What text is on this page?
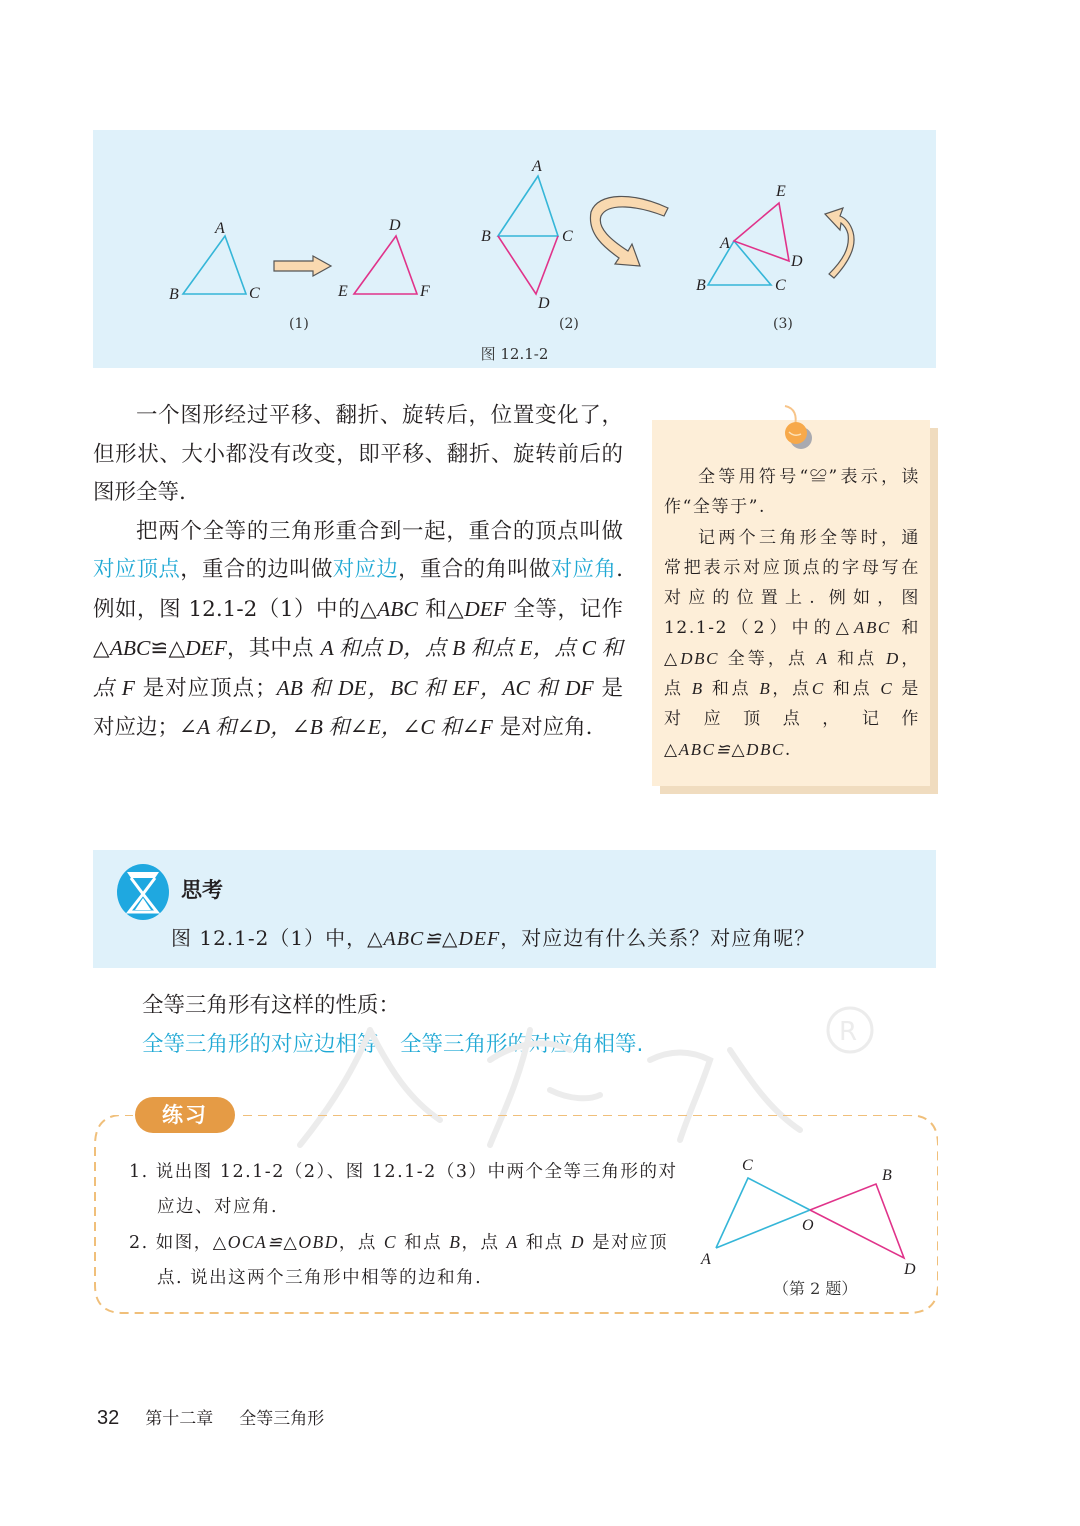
A
B	C
D
E	F
A
B	C
D
E
A
D
B	C
(1)	(2)	(3)
图 12.1-2

一个图形经过平移、翻折、旋转后，位置变化了，但形状、大小都没有改变，即平移、翻折、旋转前后的图形全等.

把两个全等的三角形重合到一起，重合的顶点叫做对应顶点，重合的边叫做对应边，重合的角叫做对应角. 例如，图 12.1-2（1）中的△ABC 和△DEF 全等，记作△ABC≌△DEF，其中点 A 和点 D，点 B 和点 E，点 C 和点 F 是对应顶点；AB 和 DE，BC 和 EF，AC 和 DF 是对应边；∠A 和∠D，∠B 和∠E，∠C 和∠F 是对应角.

全等用符号“≌”表示，读作“全等于”.

记两个三角形全等时，通常把表示对应顶点的字母写在对应的位置上. 例如，图 12.1-2（2）中的△ABC 和△DBC 全等，点 A 和点 D，点 B 和点 B，点C 和点 C 是对应顶点，记作△ABC≌△DBC.

思考
图 12.1-2（1）中，△ABC≌△DEF，对应边有什么关系？对应角呢？
全等三角形有这样的性质：
全等三角形的对应边相等，全等三角形的对应角相等.	R
练习
1. 说出图 12.1-2（2）、图 12.1-2（3）中两个全等三角形的对应边、对应角.
2. 如图，△OCA≌△OBD，点 C 和点 B，点 A 和点 D 是对应顶点. 说出这两个三角形中相等的边和角.
C
B
O
A
D
（第 2 题）
32 第十二章 全等三角形
